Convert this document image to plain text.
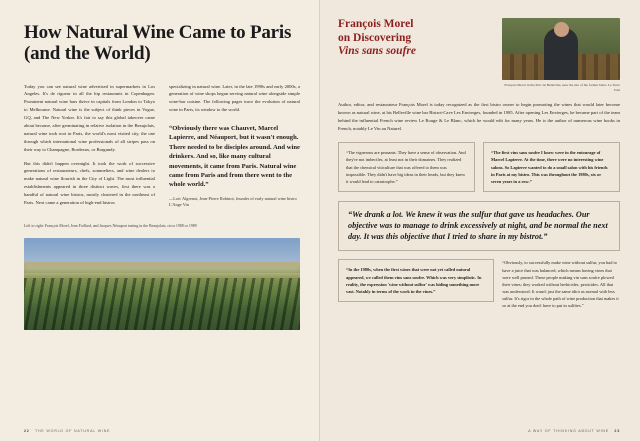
How Natural Wine Came to Paris (and the World)

Today you can see natural wine advertised in supermarkets in Los Angeles. It's de rigueur in all the hip restaurants in Copenhagen. Prominent natural wine bars thrive in capitals from London to Tokyo to Melbourne. Natural wine is the subject of think pieces in Vogue, GQ, and The New Yorker. It's fair to say this global takeover came about because, after germinating in relative isolation in the Beaujolais, natural wine took root in Paris, the world's most visited city, the one through which international wine professionals of all stripes pass on their way to Champagne, Bordeaux, or Burgundy.

But this didn't happen overnight. It took the work of successive generations of restaurateurs, chefs, sommeliers, and wine dealers to make natural wine flourish in the City of Light. The most influential establishments appeared in three distinct waves, first there was a handful of natural wine bistros, mostly clustered in the northeast of Paris. Next came a generation of high-end bistros

specializing in natural wine. Later, in the late 1990s and early 2000s, a generation of wine shops began serving natural wine alongside simple wine-bar cuisine. The following pages trace the evolution of natural wine in Paris, its window to the world.

“Obviously there was Chauvet, Marcel Lapierre, and Néauport, but it wasn't enough. There needed to be disciples around. And wine drinkers. And so, like many cultural movements, it came from Paris. Natural wine came from Paris and from there went to the whole world.”

—Loïc Algrenot, Jean-Pierre Robinot, founder of early natural wine bistro L'Ange Vin

Left to right: François Morel, Jean Foillard, and Jacques Néauport tasting in the Beaujolais, circa 1988 or 1989

22 THE WORLD OF NATURAL WINE
François Morel
on Discovering
Vins sans soufre
François Morel in the Parc de Belleville, near the site of his former bistro Le Verre Volé

Author, editor, and restaurateur François Morel is today recognized as the first bistro owner to begin promoting the wines that would later become known as natural wine, at his Belleville wine bar Bistrot-Cave Les Envierges, founded in 1985. After opening Les Envierges, he became part of the team behind the influential French wine review Le Rouge & Le Blanc, which he would edit for many years. He is the author of numerous wine books in French, notably Le Vin au Naturel.

“The vignerons are peasants. They have a sense of observation. And they're not imbeciles, at least not in their domaines. They realized that the chemical viticulture that was offered to them was impossible. They didn't have big ideas in their heads, but they knew it would lead to catastrophe.”
“The first vins sans soufre I knew were in the entourage of Marcel Lapierre. At the time, there were no interesting wine salons. So Lapierre wanted to do a small salon with his friends in Paris at my bistro. This was throughout the 1980s, six or seven years in a row.”

“We drank a lot. We knew it was the sulfur that gave us headaches. Our objective was to manage to drink excessively at night, and be normal the next day. It was this objective that I tried to share in my bistrot.”

“In the 1980s, when the first wines that were not yet called natural appeared, we called them vins sans soufre. Which was very simplistic. In reality, the expression 'wine without sulfur' was hiding something more vast. Notably in terms of the work in the vines.”
“Obviously, to successfully make wine without sulfur, you had to have a juice that was balanced, which means having vines that were well pruned. These people making vin sans soufre plowed their vines; they worked without herbicides, pesticides. All that was understood. It wasn't just the same idiot as normal with less sulfur. It's rigor in the whole path of wine production that makes it so at the end you don't have to put in sulfites.”
A WAY OF THINKING ABOUT WINE 23
